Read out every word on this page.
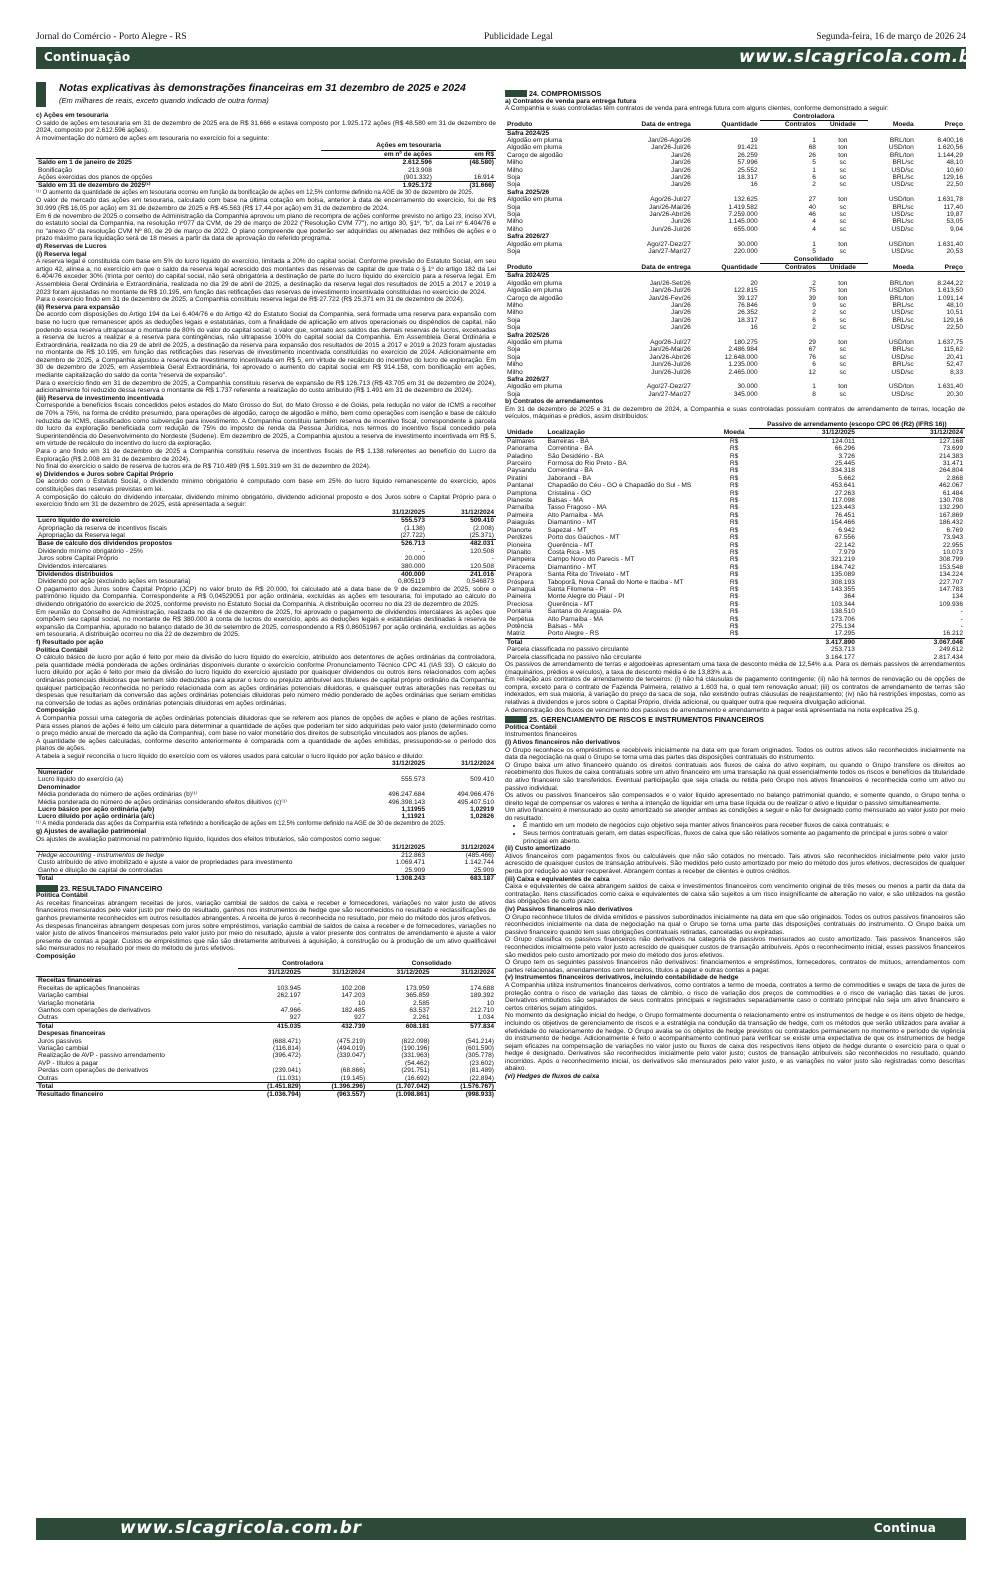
Jornal do Comércio - Porto Alegre - RS	Publicidade Legal	Segunda-feira, 16 de março de 2026 24
Continuação	www.slcagricola.com.br
Notas explicativas às demonstrações financeiras em 31 dezembro de 2025 e 2024
(Em milhares de reais, exceto quando indicado de outra forma)

c) Ações em tesouraria

O saldo de ações em tesouraria em 31 de dezembro de 2025 era de R$ 31.666 e estava composto por 1.925.172 ações (R$ 48.580 em 31 de dezembro de 2024, composto por 2.612.596 ações).

A movimentação do número de ações em tesouraria no exercício foi a seguinte:

	Ações em tesouraria	
	em nº de ações	em R$
Saldo em 1 de janeiro de 2025	2.612.596	(48.580)
Bonificação	213.908	
Ações exercidas dos planos de opções	(901.332)	16.914
Saldo em 31 de dezembro de 2025⁽¹⁾	1.925.172	(31.666)

⁽¹⁾ O aumento da quantidade de ações em tesouraria ocorreu em função da bonificação de ações em 12,5% conforme definido na AGE de 30 de dezembro de 2025.

O valor de mercado das ações em tesouraria, calculado com base na última cotação em bolsa, anterior à data de encerramento do exercício, foi de R$ 30.999 (R$ 16,05 por ação) em 31 de dezembro de 2025 e R$ 45.563 (R$ 17,44 por ação) em 31 de dezembro de 2024.

Em 6 de novembro de 2025 o conselho de Administração da Companhia aprovou um plano de recompra de ações conforme previsto no artigo 23, inciso XVI, do estatuto social da Companhia, na resolução nº077 da CVM, de 29 de março de 2022 ("Resolução CVM 77"), no artigo 30, §1º, "b", da Lei nº 6.404/76 e no "anexo G" da resolução CVM Nº 80, de 29 de março de 2022. O plano compreende que poderão ser adquiridas ou alienadas dez milhões de ações e o prazo máximo para liquidação será de 18 meses a partir da data de aprovação do referido programa.

d) Reservas de Lucros

(i) Reserva legal

A reserva legal é constituída com base em 5% do lucro líquido do exercício, limitada a 20% do capital social. Conforme previsão do Estatuto Social, em seu artigo 42, alínea a, no exercício em que o saldo da reserva legal acrescido dos montantes das reservas de capital de que trata o § 1º do artigo 182 da Lei 6.404/76 exceder 30% (trinta por cento) do capital social, não será obrigatória a destinação de parte do lucro líquido do exercício para a reserva legal. Em Assembleia Geral Ordinária e Extraordinária, realizada no dia 29 de abril de 2025, a destinação da reserva legal dos resultados de 2015 a 2017 e 2019 a 2023 foram ajustadas no montante de R$ 10.195, em função das retificações das reservas de investimento incentivada constituídas no exercício de 2024.

Para o exercício findo em 31 de dezembro de 2025, a Companhia constituiu reserva legal de R$ 27.722 (R$ 25.371 em 31 de dezembro de 2024).

(ii) Reserva para expansão

De acordo com disposições do Artigo 194 da Lei 6.404/76 e do Artigo 42 do Estatuto Social da Companhia, será formada uma reserva para expansão com base no lucro que remanescer após as deduções legais e estatutárias, com a finalidade de aplicação em ativos operacionais ou dispêndios de capital, não podendo essa reserva ultrapassar o montante de 80% do valor do capital social; o valor que, somado aos saldos das demais reservas de lucros, excetuadas a reserva de lucros a realizar e a reserva para contingências, não ultrapasse 100% do capital social da Companhia. Em Assembleia Geral Ordinária e Extraordinária, realizada no dia 29 de abril de 2025, a destinação da reserva para expansão dos resultados de 2015 a 2017 e 2019 a 2023 foram ajustadas no montante de R$ 10.195, em função das retificações das reservas de investimento incentivada constituídas no exercício de 2024. Adicionalmente em dezembro de 2025, a Companhia ajustou a reserva de investimento incentivada em R$ 5, em virtude de recálculo do incentivo do lucro de exploração. Em 30 de dezembro de 2025, em Assembleia Geral Extraordinária, foi aprovado o aumento do capital social em R$ 914.158, com bonificação em ações, mediante capitalização do saldo da conta "reserva de expansão".

Para o exercício findo em 31 de dezembro de 2025, a Companhia constituiu reserva de expansão de R$ 126.713 (R$ 43.705 em 31 de dezembro de 2024), adicionalmente foi reduzido dessa reserva o montante de R$ 1.737 referente a realização do custo atribuído (R$ 1.491 em 31 de dezembro de 2024).

(iii) Reserva de investimento incentivada

Corresponde a benefícios fiscais concedidos pelos estados do Mato Grosso do Sul, do Mato Grosso e de Goiás, pela redução no valor de ICMS a recolher de 70% a 75%, na forma de crédito presumido, para operações de algodão, caroço de algodão e milho, bem como operações com isenção e base de cálculo reduzida de ICMS, classificados como subvenção para investimento. A Companhia constituiu também reserva de incentivo fiscal, correspondente à parcela do lucro da exploração beneficiada com redução de 75% do imposto de renda da Pessoa Jurídica, nos termos do incentivo fiscal concedido pela Superintendência do Desenvolvimento do Nordeste (Sudene). Em dezembro de 2025, a Companhia ajustou a reserva de investimento incentivada em R$ 5, em virtude de recálculo do incentivo do lucro da exploração.

Para o ano findo em 31 de dezembro de 2025 a Companhia constituiu reserva de incentivos fiscais de R$ 1.138 referentes ao benefício do Lucro da Exploração (R$ 2.008 em 31 de dezembro de 2024).

No final do exercício o saldo de reserva de lucros era de R$ 710.489 (R$ 1.591.319 em 31 de dezembro de 2024).

e) Dividendos e Juros sobre Capital Próprio

De acordo com o Estatuto Social, o dividendo mínimo obrigatório é computado com base em 25% do lucro líquido remanescente do exercício, após constituições das reservas previstas em lei.

A composição do cálculo do dividendo intercalar, dividendo mínimo obrigatório, dividendo adicional proposto e dos Juros sobre o Capital Próprio para o exercício findo em 31 de dezembro de 2025, está apresentada a seguir:

	31/12/2025	31/12/2024
Lucro líquido do exercício	555.573	509.410
Apropriação da reserva de incentivos fiscais	(1.138)	(2.008)
Apropriação da Reserva legal	(27.722)	(25.371)
Base de cálculo dos dividendos propostos	526.713	482.031

Dividendo mínimo obrigatório - 25%	-	120.508
Juros sobre Capital Próprio	20.000	-
Dividendos intercalares	380.000	120.508
Dividendos distribuídos	400.000	241.016

Dividendo por ação (excluindo ações em tesouraria)	0,805119	0,546873

O pagamento dos Juros sobre Capital Próprio (JCP) no valor bruto de R$ 20.000, foi calculado até a data base de 9 de dezembro de 2025, sobre o patrimônio líquido da Companhia. Correspondente a R$ 0,04529051 por ação ordinária, excluídas as ações em tesouraria, foi imputado ao cálculo do dividendo obrigatório do exercício de 2025, conforme previsto no Estatuto Social da Companhia. A distribuição ocorreu no dia 23 de dezembro de 2025.

Em reunião do Conselho de Administração, realizada no dia 4 de dezembro de 2025, foi aprovado o pagamento de dividendos intercalares às ações que compõem seu capital social, no montante de R$ 380.000 à conta de lucros do exercício, após as deduções legais e estatutárias destinadas à reserva de expansão da Companhia, apurado no balanço datado de 30 de setembro de 2025, correspondendo a R$ 0,86051967 por ação ordinária, excluídas as ações em tesouraria. A distribuição ocorreu no dia 22 de dezembro de 2025.

f) Resultado por ação

Política Contábil

O cálculo básico de lucro por ação é feito por meio da divisão do lucro líquido do exercício, atribuído aos detentores de ações ordinárias da controladora, pela quantidade média ponderada de ações ordinárias disponíveis durante o exercício conforme Pronunciamento Técnico CPC 41 (IAS 33). O cálculo do lucro diluído por ação é feito por meio da divisão do lucro líquido do exercício ajustado por quaisquer dividendos ou outros itens relacionados com ações ordinárias potenciais diluidoras que tenham sido deduzidas para apurar o lucro ou prejuízo atribuível aos titulares de capital próprio ordinário da Companhia; qualquer participação reconhecida no período relacionada com as ações ordinárias potenciais diluidoras, e quaisquer outras alterações nas receitas ou despesas que resultariam da conversão das ações ordinárias potenciais diluidoras pelo número médio ponderado de ações ordinárias que seriam emitidas na conversão de todas as ações ordinárias potenciais diluidoras em ações ordinárias.

Composição

A Companhia possui uma categoria de ações ordinárias potenciais diluidoras que se referem aos planos de opções de ações e plano de ações restritas. Para esses planos de ações é feito um cálculo para determinar a quantidade de ações que poderiam ter sido adquiridas pelo valor justo (determinado como o preço médio anual de mercado da ação da Companhia), com base no valor monetário dos direitos de subscrição vinculados aos planos de ações.

A quantidade de ações calculadas, conforme descrito anteriormente é comparada com a quantidade de ações emitidas, pressupondo-se o período dos planos de ações.

A tabela a seguir reconcilia o lucro líquido do exercício com os valores usados para calcular o lucro líquido por ação básico e diluído:

	31/12/2025	31/12/2024
Numerador		
Lucro líquido do exercício (a)	555.573	509.410
Denominador		
Média ponderada do número de ações ordinárias (b)⁽¹⁾	496.247.684	494.966.476
Média ponderada do número de ações ordinárias considerando efeitos diluitivos (c)⁽¹⁾	496.398.143	495.407.510
Lucro básico por ação ordinária (a/b)	1,11955	1,02919
Lucro diluído por ação ordinária (a/c)	1,11921	1,02826

⁽¹⁾ A média ponderada das ações da Companhia está refletindo a bonificação de ações em 12,5% conforme definido na AGE de 30 de dezembro de 2025.

g) Ajustes de avaliação patrimonial

Os ajustes de avaliação patrimonial no patrimônio líquido, líquidos dos efeitos tributários, são compostos como segue:

	31/12/2025	31/12/2024
Hedge accounting - instrumentos de hedge	212.863	(485.466)
Custo atribuído de ativo imobilizado e ajuste a valor de propriedades para investimento	1.069.471	1.142.744
Ganho e diluição de capital de controladas	25.909	25.909
Total	1.308.243	683.187
23. RESULTADO FINANCEIRO

Política Contábil

As receitas financeiras abrangem receitas de juros, variação cambial de saldos de caixa e receber e fornecedores, variações no valor justo de ativos financeiros mensurados pelo valor justo por meio do resultado, ganhos nos instrumentos de hedge que são reconhecidos no resultado e reclassificações de ganhos previamente reconhecidos em outros resultados abrangentes. A receita de juros é reconhecida no resultado, por meio do método dos juros efetivos.

As despesas financeiras abrangem despesas com juros sobre empréstimos, variação cambial de saldos de caixa a receber e de fornecedores, variações no valor justo de ativos financeiros mensurados pelo valor justo por meio do resultado, ajuste a valor presente dos contratos de arrendamento e ajuste a valor presente de contas a pagar. Custos de empréstimos que não são diretamente atribuíveis à aquisição, à construção ou à produção de um ativo qualificável são mensurados no resultado por meio do método de juros efetivos.

Composição

	Controladora		Consolidado	
	31/12/2025	31/12/2024	31/12/2025	31/12/2024
Receitas financeiras				
Receitas de aplicações financeiras	103.945	102.208	173.959	174.688
Variação cambial	262.197	147.203	365.859	189.392
Variação monetária	-	10	2.585	10
Ganhos com operações de derivativos	47.966	182.485	63.537	212.710
Outras	927	927	2.261	1.034
Total	415.035	432.739	608.181	577.834

Despesas financeiras				
Juros passivos	(688.471)	(475.219)	(822.098)	(541.214)
Variação cambial	(116.814)	(494.019)	(190.196)	(601.590)
Realização de AVP - passivo arrendamento	(396.472)	(339.047)	(331.963)	(305.778)
AVP - títulos a pagar	-	-	(54.462)	(23.602)
Perdas com operações de derivativos	(239.041)	(68.866)	(291.751)	(81.489)
Outras	(11.031)	(19.145)	(16.692)	(22.894)
Total	(1.451.829)	(1.396.296)	(1.707.042)	(1.576.767)
Resultado financeiro	(1.036.794)	(963.557)	(1.098.861)	(998.933)
24. COMPROMISSOS

a) Contratos de venda para entrega futura

A Companhia e suas controladas têm contratos de venda para entrega futura com alguns clientes, conforme demonstrado a seguir:

			Controladora			
Produto	Data de entrega	Quantidade	Contratos	Unidade	Moeda	Preço
Safra 2024/25						
Algodão em pluma	Jan/26-Ago/26	19	1	ton	BRL/ton	8.400,16
Algodão em pluma	Jan/26-Jul/26	91.421	68	ton	USD/ton	1.620,56
Caroço de algodão	Jan/26	26.259	26	ton	BRL/ton	1.144,29
Milho	Jan/26	57.996	5	sc	BRL/sc	48,10
Milho	Jan/26	25.552	1	sc	USD/sc	10,60
Soja	Jan/26	18.317	6	sc	BRL/sc	129,16
Soja	Jan/26	16	2	sc	USD/sc	22,50
Safra 2025/26						
Algodão em pluma	Ago/26-Jul/27	132.625	27	ton	USD/ton	1.631,78
Soja	Jan/26-Mai/26	1.419.582	40	sc	BRL/sc	117,40
Soja	Jan/26-Abr/26	7.259.000	46	sc	USD/sc	19,87
Milho	Jun/26	1.145.000	4	sc	BRL/sc	53,05
Milho	Jun/26-Jul/26	655.000	4	sc	USD/sc	9,04
Safra 2026/27						
Algodão em pluma	Ago/27-Dez/27	30.000	1	ton	USD/ton	1.631,40
Soja	Jan/27-Mar/27	220.000	5	sc	USD/sc	20,53
			Consolidado			
Produto	Data de entrega	Quantidade	Contratos	Unidade	Moeda	Preço
Safra 2024/25						
Algodão em pluma	Jan/26-Set/26	20	2	ton	BRL/ton	8.244,22
Algodão em pluma	Jan/26-Jul/26	122.815	75	ton	USD/ton	1.613,50
Caroço de algodão	Jan/26-Fev/26	39.127	39	ton	BRL/ton	1.091,14
Milho	Jan/26	76.846	9	sc	BRL/sc	48,10
Milho	Jan/26	26.352	2	sc	USD/sc	10,51
Soja	Jan/26	18.317	6	sc	BRL/sc	129,16
Soja	Jan/26	16	2	sc	USD/sc	22,50
Safra 2025/26						
Algodão em pluma	Ago/26-Jul/27	180.275	29	ton	USD/ton	1.637,75
Soja	Jan/26-Mai/26	2.486.984	67	sc	BRL/sc	115,62
Soja	Jan/26-Abr/26	12.648.000	76	sc	USD/sc	20,41
Milho	Jun/26-Jul/26	1.235.000	6	sc	BRL/sc	52,47
Milho	Jun/26-Jul/26	2.465.000	12	sc	USD/sc	8,33
Safra 2026/27						
Algodão em pluma	Ago/27-Dez/27	30.000	1	ton	USD/ton	1.631,40
Soja	Jan/27-Mar/27	345.000	8	sc	USD/sc	20,30

b) Contratos de arrendamentos

Em 31 de dezembro de 2025 e 31 de dezembro de 2024, a Companhia e suas controladas possuíam contratos de arrendamento de terras, locação de veículos, máquinas e prédios, assim distribuídos:

			Passivo de arrendamento (escopo CPC 06 (R2) (IFRS 16))	
Unidade	Localização	Moeda	31/12/2025	31/12/2024
Palmares	Barreiras - BA	R$	124.011	127.168
Panorama	Correntina - BA	R$	66.296	73.699
Paladino	São Desidério - BA	R$	3.726	214.383
Parceiro	Formosa do Rio Preto - BA	R$	25.445	31.471
Paysandu	Correntina - BA	R$	334.318	264.804
Piratini	Jaborandi - BA	R$	5.662	2.868
Pantanal	Chapadão do Céu - GO e Chapadão do Sul - MS	R$	453.641	462.067
Pamplona	Cristalina - GO	R$	27.263	61.484
Planeste	Balsas - MA	R$	117.098	130.708
Parnaíba	Tasso Fragoso - MA	R$	123.443	132.290
Palmeira	Alto Parnaíba - MA	R$	76.451	167.869
Paiaguás	Diamantino - MT	R$	154.466	186.432
Planorte	Sapezal - MT	R$	6.942	6.769
Perdizes	Porto dos Gaúchos - MT	R$	67.556	73.943
Pioneira	Querência - MT	R$	22.142	22.955
Planalto	Costa Rica - MS	R$	7.979	10.073
Pampeira	Campo Novo do Parecis - MT	R$	321.219	308.799
Piracema	Diamantino - MT	R$	184.742	153.548
Pirapora	Santa Rita do Trivelato - MT	R$	135.089	134.224
Próspera	Taboporã, Nova Canaã do Norte e Itaúba - MT	R$	308.193	227.707
Parnaguá	Santa Filomena - PI	R$	143.355	147.783
Paineira	Monte Alegre do Piauí - PI	R$	364	134
Preciosa	Querência - MT	R$	103.344	109.936
Pontaria	Santana do Araguaia- PA	R$	138.510	-
Perpétua	Alto Parnaíba - MA	R$	173.706	-
Potência	Balsas - MA	R$	275.134	-
Matriz	Porto Alegre - RS	R$	17.295	16.212
Total			3.417.890	3.067.046
Parcela classificada no passivo circulante			253.713	249.612
Parcela classificada no passivo não circulante			3.164.177	2.817.434

Os passivos de arrendamento de terras e algodoeiras apresentam uma taxa de desconto média de 12,54% a.a. Para os demais passivos de arrendamentos (maquinários, prédios e veículos), a taxa de desconto média é de 13,83% a.a.

Em relação aos contratos de arrendamento de terceiros: (i) não há cláusulas de pagamento contingente; (ii) não há termos de renovação ou de opções de compra, exceto para o contrato de Fazenda Palmeira, relativo a 1.603 ha, o qual tem renovação anual; (iii) os contratos de arrendamento de terras são indexados, em sua maioria, à variação do preço da saca de soja, não existindo outras cláusulas de reajustamento; (iv) não há restrições impostas, como as relativas a dividendos e juros sobre o Capital Próprio, dívida adicional, ou qualquer outra que requeira divulgação adicional.

A demonstração dos fluxos de vencimento dos passivos de arrendamento e arrendamento a pagar está apresentada na nota explicativa 25.g.

25. GERENCIAMENTO DE RISCOS E INSTRUMENTOS FINANCEIROS

Política Contábil

Instrumentos financeiros

(i) Ativos financeiros não derivativos

O Grupo reconhece os empréstimos e recebíveis inicialmente na data em que foram originados. Todos os outros ativos são reconhecidos inicialmente na data da negociação na qual o Grupo se torna uma das partes das disposições contratuais do instrumento.

O Grupo baixa um ativo financeiro quando os direitos contratuais aos fluxos de caixa do ativo expiram, ou quando o Grupo transfere os direitos ao recebimento dos fluxos de caixa contratuais sobre um ativo financeiro em uma transação na qual essencialmente todos os riscos e benefícios da titularidade do ativo financeiro são transferidos. Eventual participação que seja criada ou retida pelo Grupo nos ativos financeiros é reconhecida como um ativo ou passivo individual.

Os ativos ou passivos financeiros são compensados e o valor líquido apresentado no balanço patrimonial quando, e somente quando, o Grupo tenha o direito legal de compensar os valores e tenha a intenção de liquidar em uma base líquida ou de realizar o ativo e liquidar o passivo simultaneamente.

Um ativo financeiro é mensurado ao custo amortizado se atender ambas as condições a seguir e não for designado como mensurado ao valor justo por meio do resultado:

• É mantido em um modelo de negócios cujo objetivo seja manter ativos financeiros para receber fluxos de caixa contratuais; e
• Seus termos contratuais geram, em datas específicas, fluxos de caixa que são relativos somente ao pagamento de principal e juros sobre o valor principal em aberto.

(ii) Custo amortizado

Ativos financeiros com pagamentos fixos ou calculáveis que não são cotados no mercado. Tais ativos são reconhecidos inicialmente pelo valor justo acrescido de quaisquer custos de transação atribuíveis. São medidos pelo custo amortizado por meio do método dos juros efetivos, decrescidos de qualquer perda por redução ao valor recuperável. Abrangem contas a receber de clientes e outros créditos.

(iii) Caixa e equivalentes de caixa

Caixa e equivalentes de caixa abrangem saldos de caixa e investimentos financeiros com vencimento original de três meses ou menos a partir da data da contratação. Itens classificados como caixa e equivalentes de caixa são sujeitos a um risco insignificante de alteração no valor, e são utilizados na gestão das obrigações de curto prazo.

(iv) Passivos financeiros não derivativos

O Grupo reconhece títulos de dívida emitidos e passivos subordinados inicialmente na data em que são originados. Todos os outros passivos financeiros são reconhecidos inicialmente na data de negociação na qual o Grupo se torna uma parte das disposições contratuais do instrumento. O Grupo baixa um passivo financeiro quando tem suas obrigações contratuais retiradas, canceladas ou expiradas.

O Grupo classifica os passivos financeiros não derivativos na categoria de passivos mensurados ao custo amortizado. Tais passivos financeiros são reconhecidos inicialmente pelo valor justo acrescido de quaisquer custos de transação atribuíveis. Após o reconhecimento inicial, esses passivos financeiros são medidos pelo custo amortizado por meio do método dos juros efetivos.

O Grupo tem os seguintes passivos financeiros não derivativos: financiamentos e empréstimos, fornecedores, contratos de mútuos, arrendamentos com partes relacionadas, arrendamentos com terceiros, títulos a pagar e outras contas a pagar.

(v) Instrumentos financeiros derivativos, incluindo contabilidade de hedge

A Companhia utiliza instrumentos financeiros derivativos, como contratos a termo de moeda, contratos a termo de commodities e swaps de taxa de juros de proteção contra o risco de variação das taxas de câmbio, o risco de variação dos preços de commodities e o risco de variação das taxas de juros. Derivativos embutidos são separados de seus contratos principais e registrados separadamente caso o contrato principal não seja um ativo financeiro e certos critérios sejam atingidos.

No momento da designação inicial do hedge, o Grupo formalmente documenta o relacionamento entre os instrumentos de hedge e os itens objeto de hedge, incluindo os objetivos de gerenciamento de riscos e a estratégia na condução da transação de hedge, com os métodos que serão utilizados para avaliar a efetividade do relacionamento de hedge. O Grupo avalia se os objetos de hedge previstos ou contratados permanecem no momento e período de vigência do instrumento de hedge. Adicionalmente é feito o acompanhamento contínuo para verificar se existe uma expectativa de que os instrumentos de hedge sejam eficazes na compensação de variações no valor justo ou fluxos de caixa dos respectivos itens objeto de hedge durante o exercício para o qual o hedge é designado. Derivativos são reconhecidos inicialmente pelo valor justo; custos de transação atribuíveis são reconhecidos no resultado, quando incorridos. Após o reconhecimento inicial, os derivativos são mensurados pelo valor justo, e as variações no valor justo são registradas como descritas abaixo.

(vi) Hedges de fluxos de caixa

www.slcagricola.com.br	Continua
